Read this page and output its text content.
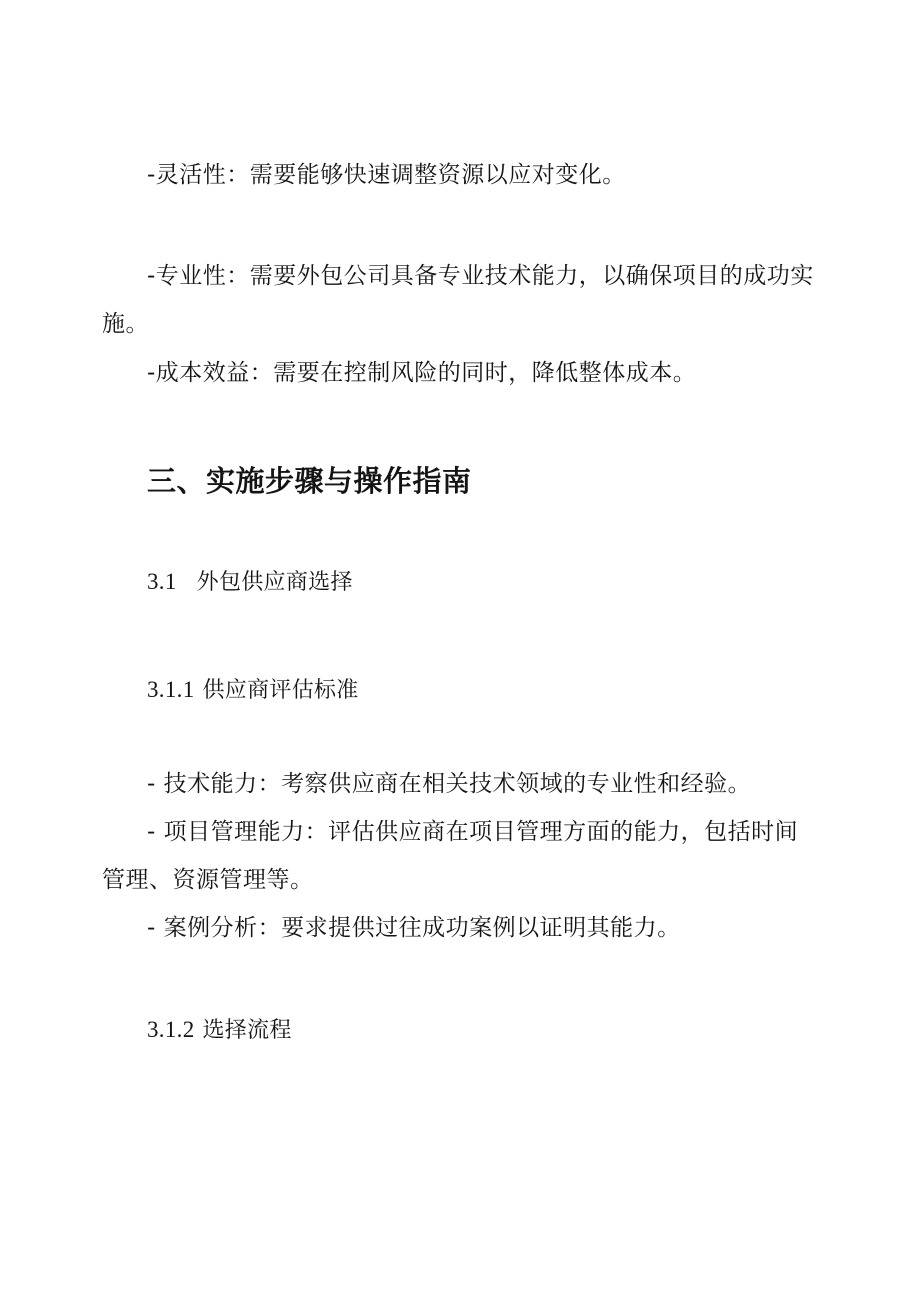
-灵活性：需要能够快速调整资源以应对变化。
-专业性：需要外包公司具备专业技术能力，以确保项目的成功实
施。
-成本效益：需要在控制风险的同时，降低整体成本。
三、实施步骤与操作指南
3.1 外包供应商选择
3.1.1 供应商评估标准
- 技术能力：考察供应商在相关技术领域的专业性和经验。
- 项目管理能力：评估供应商在项目管理方面的能力，包括时间
管理、资源管理等。
- 案例分析：要求提供过往成功案例以证明其能力。
3.1.2 选择流程
